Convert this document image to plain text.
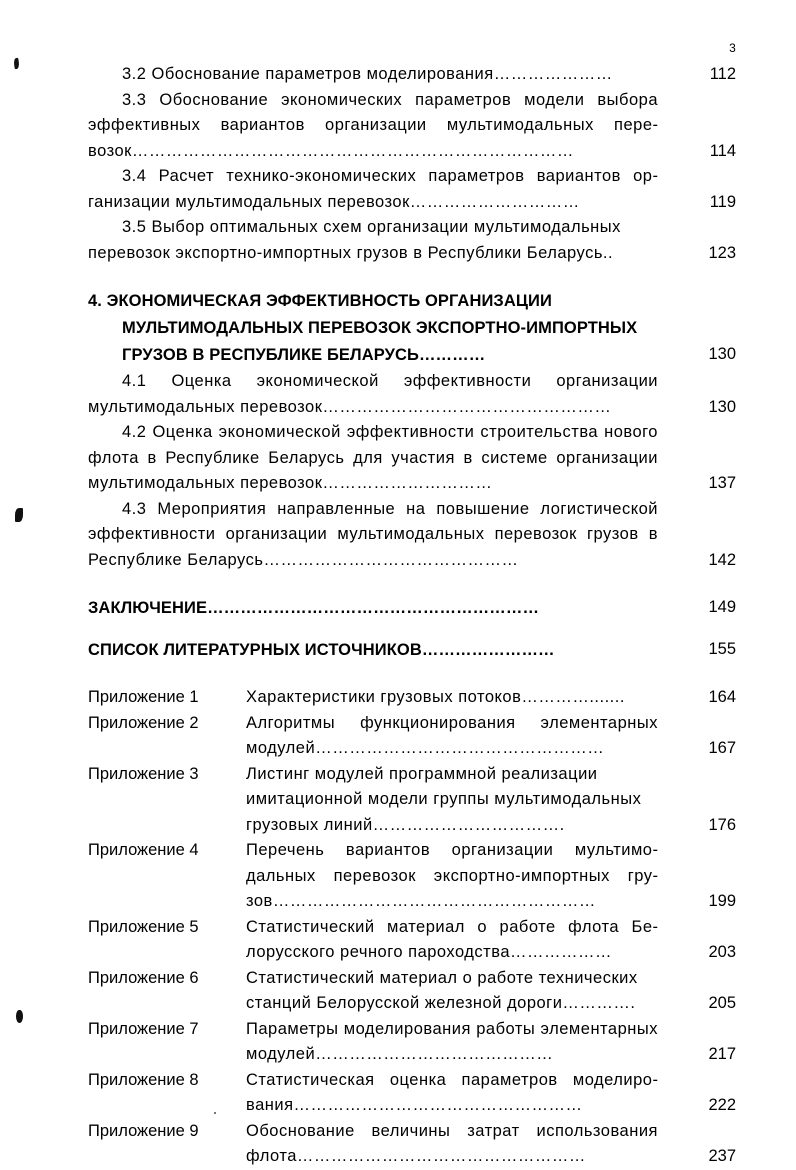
3
3.2 Обоснование параметров моделирования…………………	112
3.3 Обоснование экономических параметров модели выбора эффективных вариантов организации мультимодальных перевозок……………………………………………………………………	114
3.4 Расчет технико-экономических параметров вариантов организации мультимодальных перевозок…………………………	119
3.5 Выбор оптимальных схем организации мультимодальных перевозок экспортно-импортных грузов в Республики Беларусь..	123
4. ЭКОНОМИЧЕСКАЯ ЭФФЕКТИВНОСТЬ ОРГАНИЗАЦИИ МУЛЬТИМОДАЛЬНЫХ ПЕРЕВОЗОК ЭКСПОРТНО-ИМПОРТНЫХ ГРУЗОВ В РЕСПУБЛИКЕ БЕЛАРУСЬ…………	130
4.1 Оценка экономической эффективности организации мультимодальных перевозок……………………………………………	130
4.2 Оценка экономической эффективности строительства нового флота в Республике Беларусь для участия в системе организации мультимодальных перевозок…………………………	137
4.3 Мероприятия направленные на повышение логистической эффективности организации мультимодальных перевозок грузов в Республике Беларусь………………………………………	142
ЗАКЛЮЧЕНИЕ……………………………………………………	149
СПИСОК ЛИТЕРАТУРНЫХ ИСТОЧНИКОВ……………………	155
Приложение 1	Характеристики грузовых потоков………….......	164
Приложение 2	Алгоритмы функционирования элементарных модулей……………………………………………	167
Приложение 3	Листинг модулей программной реализации имитационной модели группы мультимодальных грузовых линий…………………………….	176
Приложение 4	Перечень вариантов организации мультимодальных перевозок экспортно-импортных грузов…………………………………………………	199
Приложение 5	Статистический материал о работе флота Белорусского речного пароходства………………	203
Приложение 6	Статистический материал о работе технических станций Белорусской железной дороги………….	205
Приложение 7	Параметры моделирования работы элементарных модулей……………………………………	217
Приложение 8	Статистическая оценка параметров моделирования……………………………………………	222
Приложение 9	Обоснование величины затрат использования флота……………………………………………	237
